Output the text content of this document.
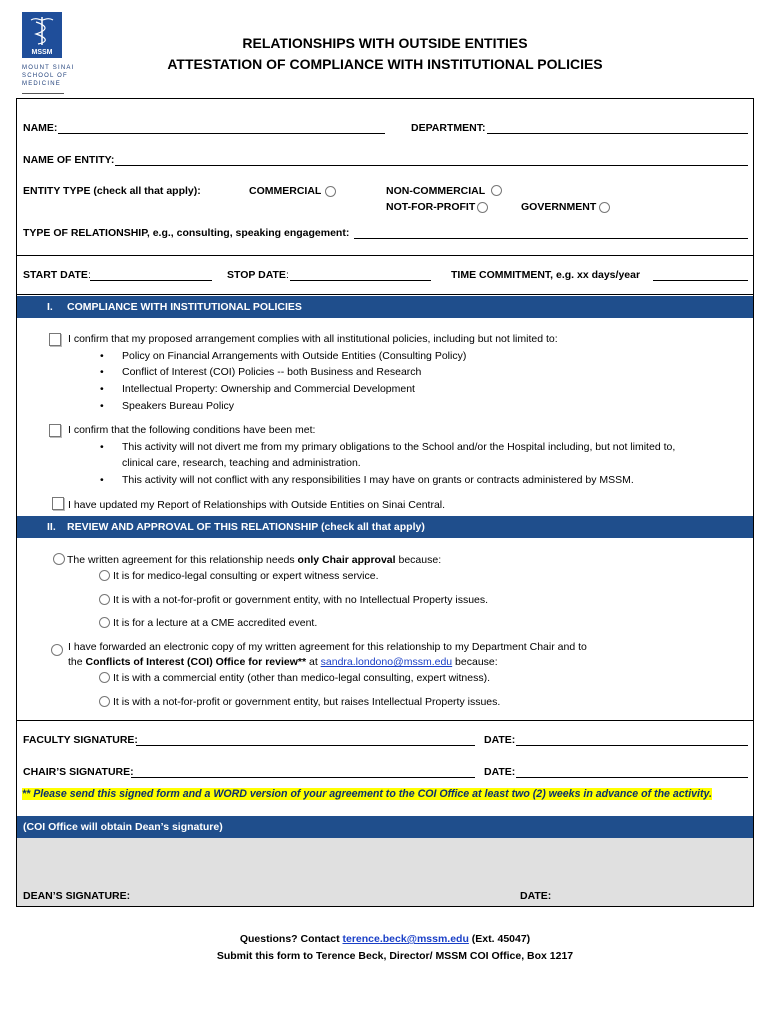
MSSM
MOUNT SINAI
SCHOOL OF
MEDICINE
RELATIONSHIPS WITH OUTSIDE ENTITIES
ATTESTATION OF COMPLIANCE WITH INSTITUTIONAL POLICIES
NAME:	DEPARTMENT:
NAME OF ENTITY:
ENTITY TYPE (check all that apply):	COMMERCIAL	NON-COMMERCIAL
NOT-FOR-PROFIT	GOVERNMENT
TYPE OF RELATIONSHIP, e.g., consulting, speaking engagement:
START DATE:	STOP DATE:	TIME COMMITMENT, e.g. xx days/year
I. COMPLIANCE WITH INSTITUTIONAL POLICIES
I confirm that my proposed arrangement complies with all institutional policies, including but not limited to:
• Policy on Financial Arrangements with Outside Entities (Consulting Policy)
• Conflict of Interest (COI) Policies -- both Business and Research
• Intellectual Property: Ownership and Commercial Development
• Speakers Bureau Policy
I confirm that the following conditions have been met:
• This activity will not divert me from my primary obligations to the School and/or the Hospital including, but not limited to,
clinical care, research, teaching and administration.
• This activity will not conflict with any responsibilities I may have on grants or contracts administered by MSSM.
I have updated my Report of Relationships with Outside Entities on Sinai Central.
II. REVIEW AND APPROVAL OF THIS RELATIONSHIP (check all that apply)
The written agreement for this relationship needs only Chair approval because:
It is for medico-legal consulting or expert witness service.
It is with a not-for-profit or government entity, with no Intellectual Property issues.
It is for a lecture at a CME accredited event.
I have forwarded an electronic copy of my written agreement for this relationship to my Department Chair and to
the Conflicts of Interest (COI) Office for review** at sandra.londono@mssm.edu because:
It is with a commercial entity (other than medico-legal consulting, expert witness).
It is with a not-for-profit or government entity, but raises Intellectual Property issues.
FACULTY SIGNATURE:	DATE:
CHAIR’S SIGNATURE:	DATE:
** Please send this signed form and a WORD version of your agreement to the COI Office at least two (2) weeks in advance of the activity.
(COI Office will obtain Dean’s signature)
DEAN’S SIGNATURE:	DATE:
Questions? Contact terence.beck@mssm.edu (Ext. 45047)
Submit this form to Terence Beck, Director/ MSSM COI Office, Box 1217
